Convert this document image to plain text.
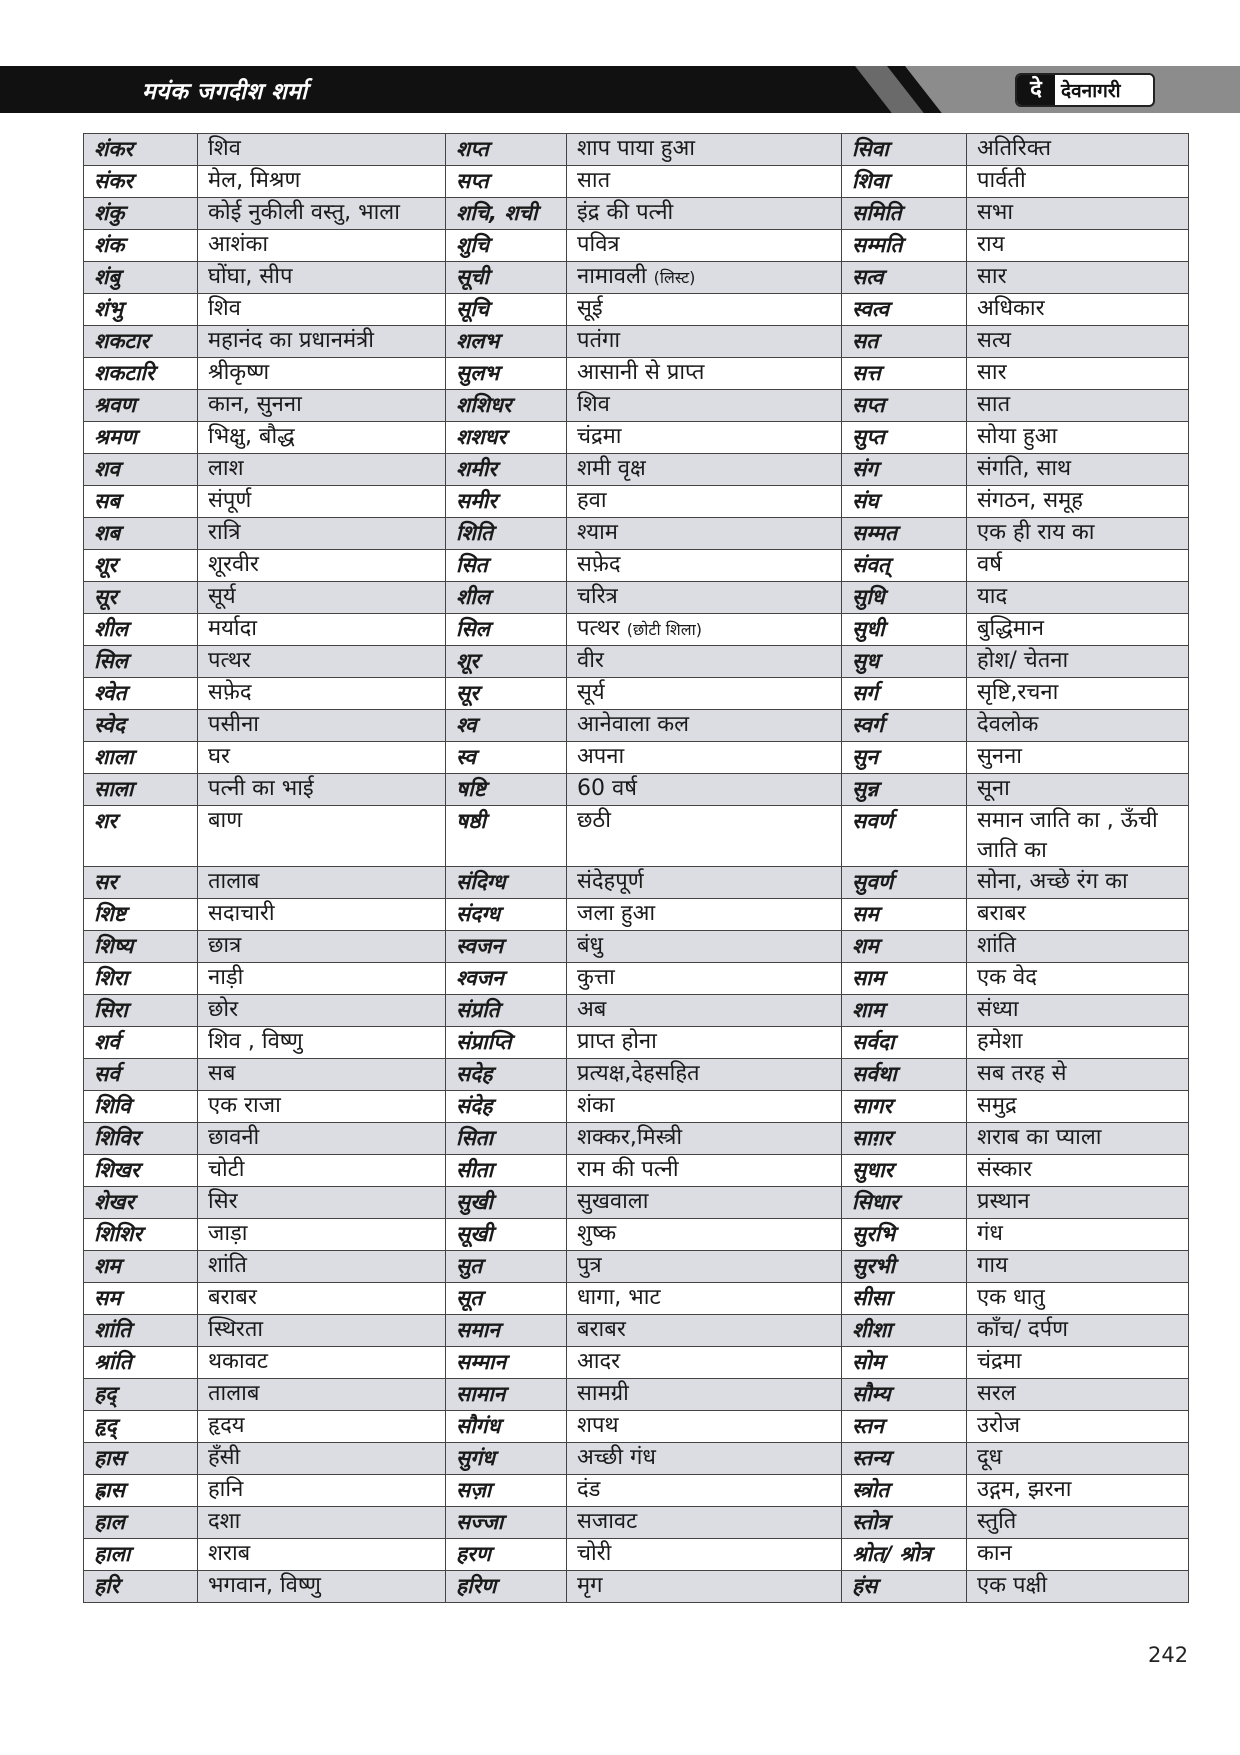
मयंक जगदीश शर्मा	दे	देवनागरी
शंकर	शिव	शप्त	शाप पाया हुआ	सिवा	अतिरिक्त
संकर	मेल, मिश्रण	सप्त	सात	शिवा	पार्वती
शंकु	कोई नुकीली वस्तु, भाला	शचि, शची	इंद्र की पत्नी	समिति	सभा
शंक	आशंका	शुचि	पवित्र	सम्मति	राय
शंबु	घोंघा, सीप	सूची	नामावली (लिस्ट)	सत्व	सार
शंभु	शिव	सूचि	सूई	स्वत्व	अधिकार
शकटार	महानंद का प्रधानमंत्री	शलभ	पतंगा	सत	सत्य
शकटारि	श्रीकृष्ण	सुलभ	आसानी से प्राप्त	सत्त	सार
श्रवण	कान, सुनना	शशिधर	शिव	सप्त	सात
श्रमण	भिक्षु, बौद्ध	शशधर	चंद्रमा	सुप्त	सोया हुआ
शव	लाश	शमीर	शमी वृक्ष	संग	संगति, साथ
सब	संपूर्ण	समीर	हवा	संघ	संगठन, समूह
शब	रात्रि	शिति	श्याम	सम्मत	एक ही राय का
शूर	शूरवीर	सित	सफ़ेद	संवत्	वर्ष
सूर	सूर्य	शील	चरित्र	सुधि	याद
शील	मर्यादा	सिल	पत्थर (छोटी शिला)	सुधी	बुद्धिमान
सिल	पत्थर	शूर	वीर	सुध	होश/ चेतना
श्वेत	सफ़ेद	सूर	सूर्य	सर्ग	सृष्टि,रचना
स्वेद	पसीना	श्व	आनेवाला कल	स्वर्ग	देवलोक
शाला	घर	स्व	अपना	सुन	सुनना
साला	पत्नी का भाई	षष्टि	60 वर्ष	सुन्न	सूना
शर	बाण	षष्ठी	छठी	सवर्ण	समान जाति का , ऊँची जाति का
सर	तालाब	संदिग्ध	संदेहपूर्ण	सुवर्ण	सोना, अच्छे रंग का
शिष्ट	सदाचारी	संदग्ध	जला हुआ	सम	बराबर
शिष्य	छात्र	स्वजन	बंधु	शम	शांति
शिरा	नाड़ी	श्वजन	कुत्ता	साम	एक वेद
सिरा	छोर	संप्रति	अब	शाम	संध्या
शर्व	शिव , विष्णु	संप्राप्ति	प्राप्त होना	सर्वदा	हमेशा
सर्व	सब	सदेह	प्रत्यक्ष,देहसहित	सर्वथा	सब तरह से
शिवि	एक राजा	संदेह	शंका	सागर	समुद्र
शिविर	छावनी	सिता	शक्कर,मिस्त्री	साग़र	शराब का प्याला
शिखर	चोटी	सीता	राम की पत्नी	सुधार	संस्कार
शेखर	सिर	सुखी	सुखवाला	सिधार	प्रस्थान
शिशिर	जाड़ा	सूखी	शुष्क	सुरभि	गंध
शम	शांति	सुत	पुत्र	सुरभी	गाय
सम	बराबर	सूत	धागा, भाट	सीसा	एक धातु
शांति	स्थिरता	समान	बराबर	शीशा	काँच/ दर्पण
श्रांति	थकावट	सम्मान	आदर	सोम	चंद्रमा
हद्	तालाब	सामान	सामग्री	सौम्य	सरल
हृद्	हृदय	सौगंध	शपथ	स्तन	उरोज
हास	हँसी	सुगंध	अच्छी गंध	स्तन्य	दूध
ह्रास	हानि	सज़ा	दंड	स्त्रोत	उद्गम, झरना
हाल	दशा	सज्जा	सजावट	स्तोत्र	स्तुति
हाला	शराब	हरण	चोरी	श्रोत/ श्रोत्र	कान
हरि	भगवान, विष्णु	हरिण	मृग	हंस	एक पक्षी
242
